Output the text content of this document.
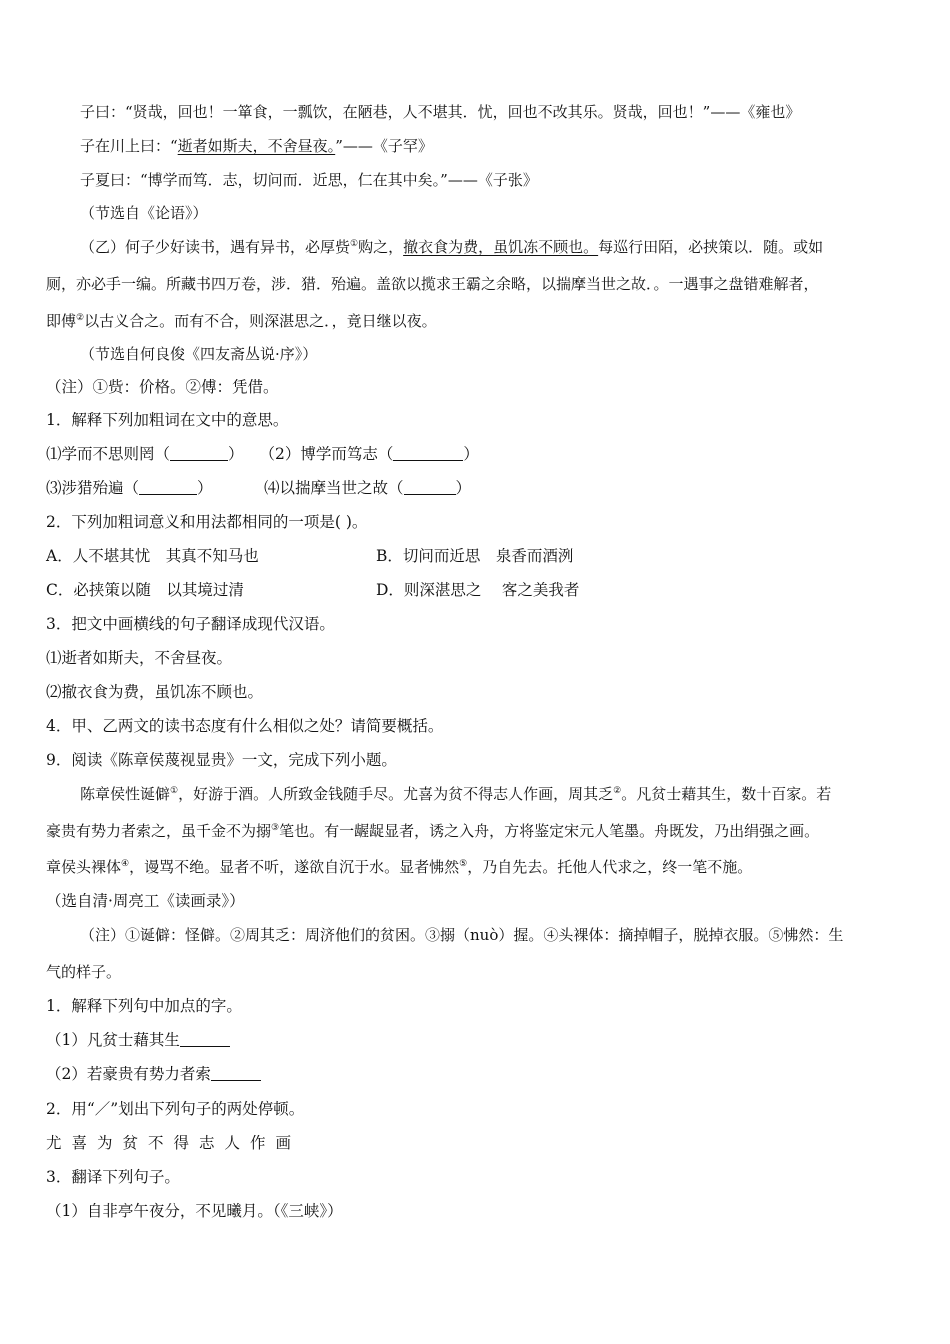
子曰：“贤哉，回也！一箪食，一瓢饮，在陋巷，人不堪其．忧，回也不改其乐。贤哉，回也！”——《雍也》
子在川上曰：“逝者如斯夫，不舍昼夜。”——《子罕》
子夏曰：“博学而笃．志，切问而．近思，仁在其中矣。”——《子张》
（节选自《论语》）
（乙）何子少好读书，遇有异书，必厚赀①购之，撤衣食为费，虽饥冻不顾也。每巡行田陌，必挟策以．随。或如
厕，亦必手一编。所藏书四万卷，涉．猎．殆遍。盖欲以揽求王霸之余略，以揣摩当世之故．。一遇事之盘错难解者，
即傅②以古义合之。而有不合，则深湛思之．，竟日继以夜。
（节选自何良俊《四友斋丛说·序》）
（注）①赀：价格。②傅：凭借。
1．解释下列加粗词在文中的意思。
⑴学而不思则罔（	） （2）博学而笃志（	）
⑶涉猎殆遍（	）	⑷以揣摩当世之故（	）
2．下列加粗词意义和用法都相同的一项是( )。
A．人不堪其忧　其真不知马也	B．切问而近思　泉香而酒洌
C．必挟策以随　以其境过清	D．则深湛思之　 客之美我者
3．把文中画横线的句子翻译成现代汉语。
⑴逝者如斯夫，不舍昼夜。
⑵撤衣食为费，虽饥冻不顾也。
4．甲、乙两文的读书态度有什么相似之处？请简要概括。
9．阅读《陈章侯蔑视显贵》一文，完成下列小题。
陈章侯性诞僻①，好游于酒。人所致金钱随手尽。尤喜为贫不得志人作画，周其乏②。凡贫士藉其生，数十百家。若
豪贵有势力者索之，虽千金不为搦③笔也。有一龌龊显者，诱之入舟，方将鉴定宋元人笔墨。舟既发，乃出绢强之画。
章侯头裸体④，谩骂不绝。显者不听，遂欲自沉于水。显者怫然⑤，乃自先去。托他人代求之，终一笔不施。
（选自清·周亮工《读画录》）
（注）①诞僻：怪僻。②周其乏：周济他们的贫困。③搦（nuò）握。④头裸体：摘掉帽子，脱掉衣服。⑤怫然：生
气的样子。
1．解释下列句中加点的字。
（1）凡贫士藉其生
（2）若豪贵有势力者索
2．用“／”划出下列句子的两处停顿。
尤喜为贫不得志人作画
3．翻译下列句子。
（1）自非亭午夜分，不见曦月。（《三峡》）
